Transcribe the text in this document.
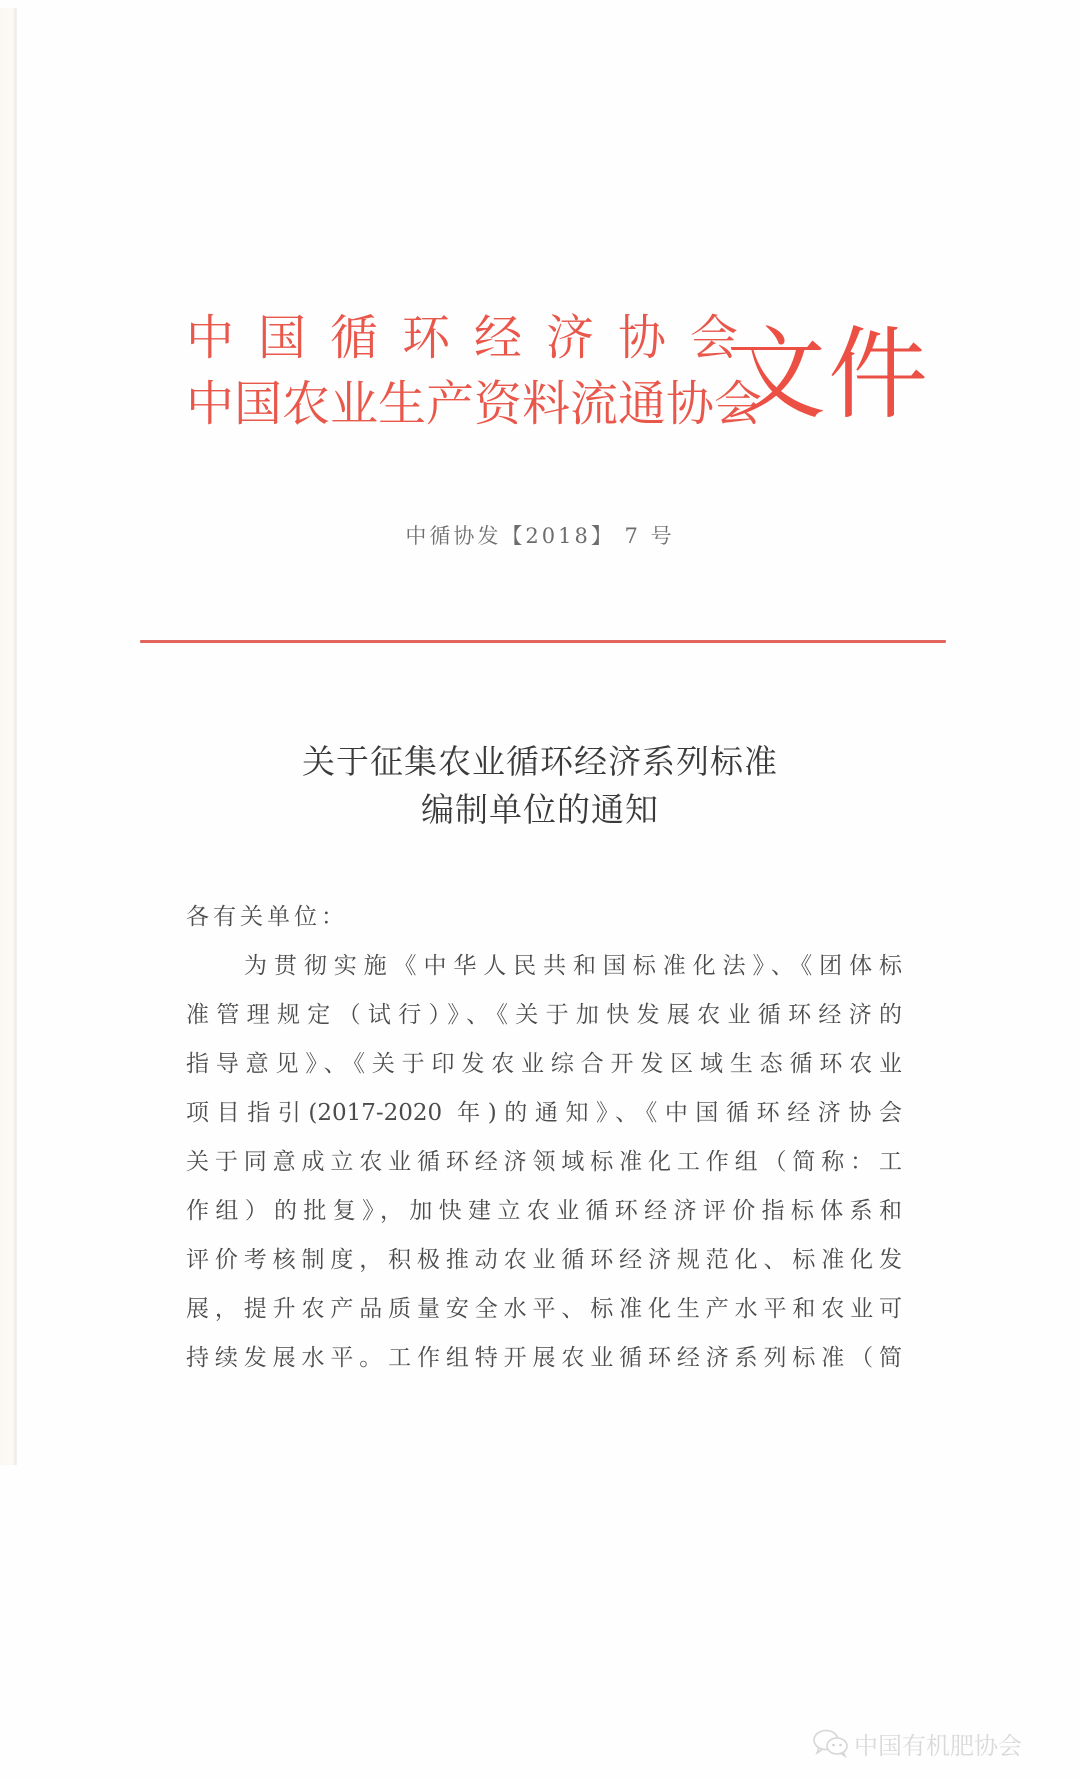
中国循环经济协会
中国农业生产资料流通协会
文件
中循协发【2018】 7 号
关于征集农业循环经济系列标准
编制单位的通知
各有关单位：
为贯彻实施《中华人民共和国标准化法》、《团体标
准管理规定（试行）》、《关于加快发展农业循环经济的
指导意见》、《关于印发农业综合开发区域生态循环农业
项目指引(2017-2020 年)的通知》、《中国循环经济协会
关于同意成立农业循环经济领域标准化工作组（简称：工
作组）的批复》，加快建立农业循环经济评价指标体系和
评价考核制度，积极推动农业循环经济规范化、标准化发
展，提升农产品质量安全水平、标准化生产水平和农业可
持续发展水平。工作组特开展农业循环经济系列标准（简
中国有机肥协会
